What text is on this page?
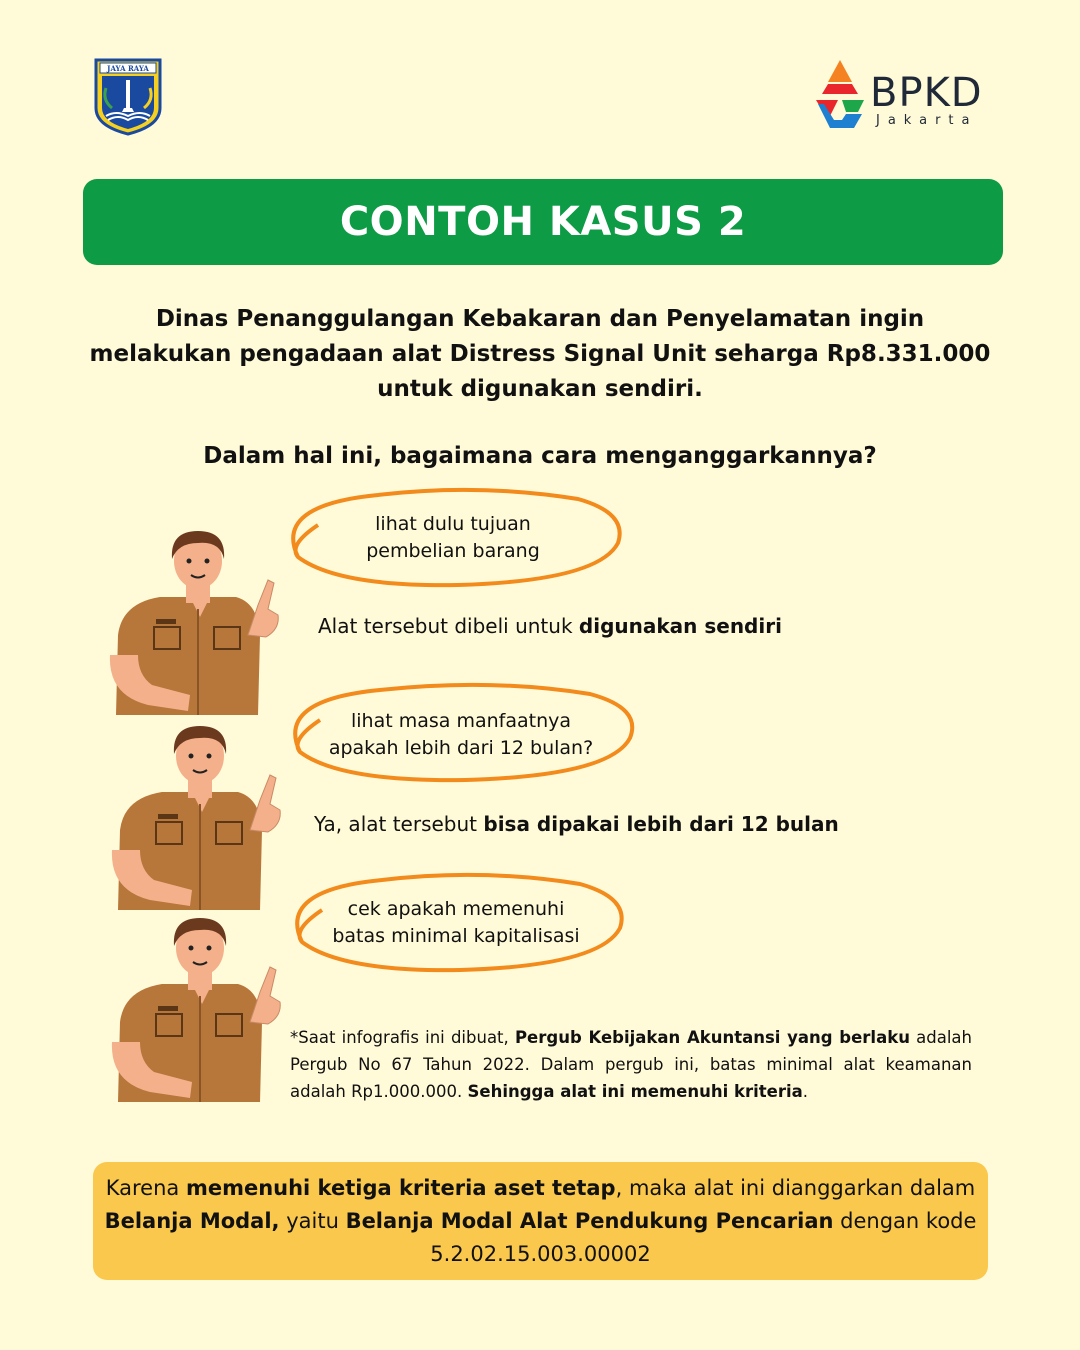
JAYA RAYA
BPKD
Jakarta
CONTOH KASUS 2
Dinas Penanggulangan Kebakaran dan Penyelamatan ingin
melakukan pengadaan alat Distress Signal Unit seharga Rp8.331.000
untuk digunakan sendiri.
Dalam hal ini, bagaimana cara menganggarkannya?
lihat dulu tujuan
pembelian barang
Alat tersebut dibeli untuk digunakan sendiri
lihat masa manfaatnya
apakah lebih dari 12 bulan?
Ya, alat tersebut bisa dipakai lebih dari 12 bulan
cek apakah memenuhi
batas minimal kapitalisasi
*Saat infografis ini dibuat, Pergub Kebijakan Akuntansi yang berlaku adalah Pergub No 67 Tahun 2022. Dalam pergub ini, batas minimal alat keamanan adalah Rp1.000.000. Sehingga alat ini memenuhi kriteria.

Karena memenuhi ketiga kriteria aset tetap, maka alat ini dianggarkan dalam Belanja Modal, yaitu Belanja Modal Alat Pendukung Pencarian dengan kode 5.2.02.15.003.00002
